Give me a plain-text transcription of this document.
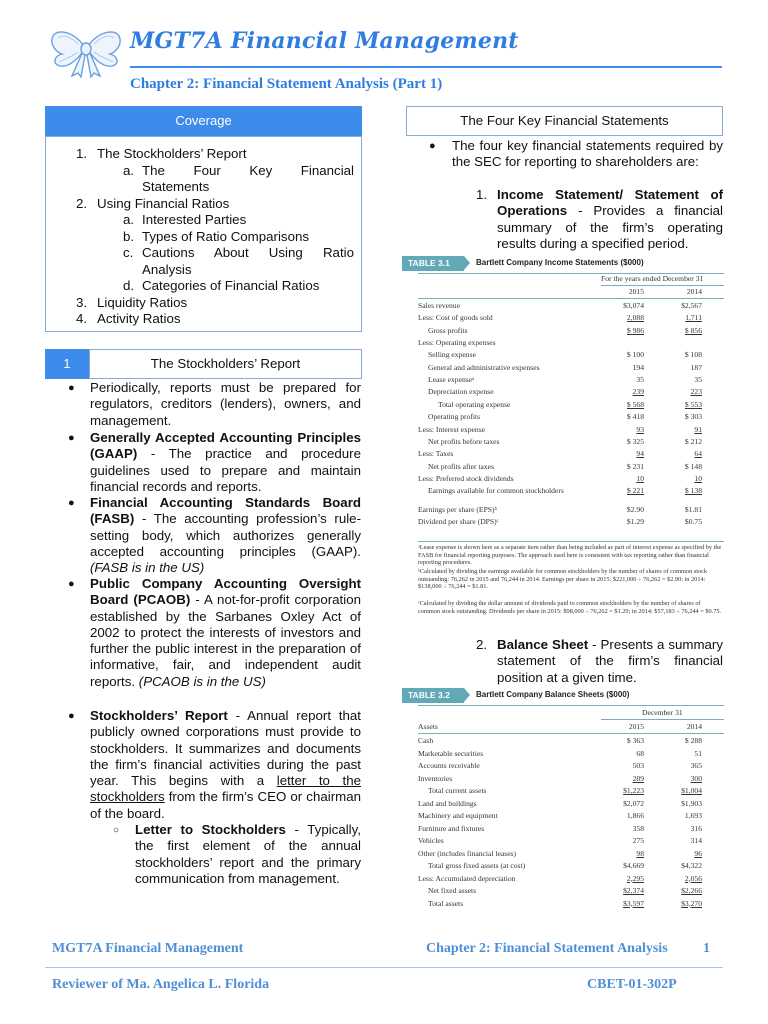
MGT7A Financial Management
Chapter 2: Financial Statement Analysis (Part 1)
Coverage
1. The Stockholders’ Report
a. The Four Key Financial
Statements
2. Using Financial Ratios
a. Interested Parties
b. Types of Ratio Comparisons
c. Cautions About Using Ratio
Analysis
d. Categories of Financial Ratios
3. Liquidity Ratios
4. Activity Ratios
1	The Stockholders’ Report
● Periodically, reports must be prepared for regulators, creditors (lenders), owners, and management.
● Generally Accepted Accounting Principles (GAAP) - The practice and procedure guidelines used to prepare and maintain financial records and reports.
● Financial Accounting Standards Board (FASB) - The accounting profession’s rule-setting body, which authorizes generally accepted accounting principles (GAAP). (FASB is in the US)
● Public Company Accounting Oversight Board (PCAOB) - A not-for-profit corporation established by the Sarbanes Oxley Act of 2002 to protect the interests of investors and further the public interest in the preparation of informative, fair, and independent audit reports. (PCAOB is in the US)
● Stockholders’ Report - Annual report that publicly owned corporations must provide to stockholders. It summarizes and documents the firm’s financial activities during the past year. This begins with a letter to the stockholders from the firm’s CEO or chairman of the board.
○ Letter to Stockholders - Typically, the first element of the annual stockholders’ report and the primary communication from management.
The Four Key Financial Statements
● The four key financial statements required by the SEC for reporting to shareholders are:
1. Income Statement/ Statement of Operations - Provides a financial summary of the firm’s operating results during a specified period.
TABLE 3.1	Bartlett Company Income Statements ($000)
For the years ended December 31
2015	2014
Sales revenue	$3,074	$2,567
Less: Cost of goods sold	2,088	1,711
Gross profits	$ 986	$ 856
Less: Operating expenses
Selling expense	$ 100	$ 108
General and administrative expenses	194	187
Lease expenseᵃ	35	35
Depreciation expense	239	223
Total operating expense	$ 568	$ 553
Operating profits	$ 418	$ 303
Less: Interest expense	93	91
Net profits before taxes	$ 325	$ 212
Less: Taxes	94	64
Net profits after taxes	$ 231	$ 148
Less: Preferred stock dividends	10	10
Earnings available for common stockholders	$ 221	$ 138
Earnings per share (EPS)ᵇ	$2.90	$1.81
Dividend per share (DPS)ᶜ	$1.29	$0.75
ᵃLease expense is shown here as a separate item rather than being included as part of interest expense as specified by the FASB for financial reporting purposes. The approach used here is consistent with tax reporting rather than financial reporting procedures.
ᵇCalculated by dividing the earnings available for common stockholders by the number of shares of common stock outstanding: 76,262 in 2015 and 76,244 in 2014. Earnings per share in 2015: $221,000 ÷ 76,262 = $2.90; in 2014: $138,000 ÷ 76,244 = $1.81.
ᶜCalculated by dividing the dollar amount of dividends paid to common stockholders by the number of shares of common stock outstanding. Dividends per share in 2015: $98,000 ÷ 76,262 = $1.29; in 2014: $57,183 ÷ 76,244 = $0.75.
2. Balance Sheet - Presents a summary statement of the firm’s financial position at a given time.
TABLE 3.2	Bartlett Company Balance Sheets ($000)
December 31
Assets	2015	2014
Cash	$ 363	$ 288
Marketable securities	68	51
Accounts receivable	503	365
Inventories	289	300
Total current assets	$1,223	$1,004
Land and buildings	$2,072	$1,903
Machinery and equipment	1,866	1,693
Furniture and fixtures	358	316
Vehicles	275	314
Other (includes financial leases)	98	96
Total gross fixed assets (at cost)	$4,669	$4,322
Less: Accumulated depreciation	2,295	2,056
Net fixed assets	$2,374	$2,266
Total assets	$3,597	$3,270
MGT7A Financial Management	Chapter 2: Financial Statement Analysis	1
Reviewer of Ma. Angelica L. Florida	CBET-01-302P
